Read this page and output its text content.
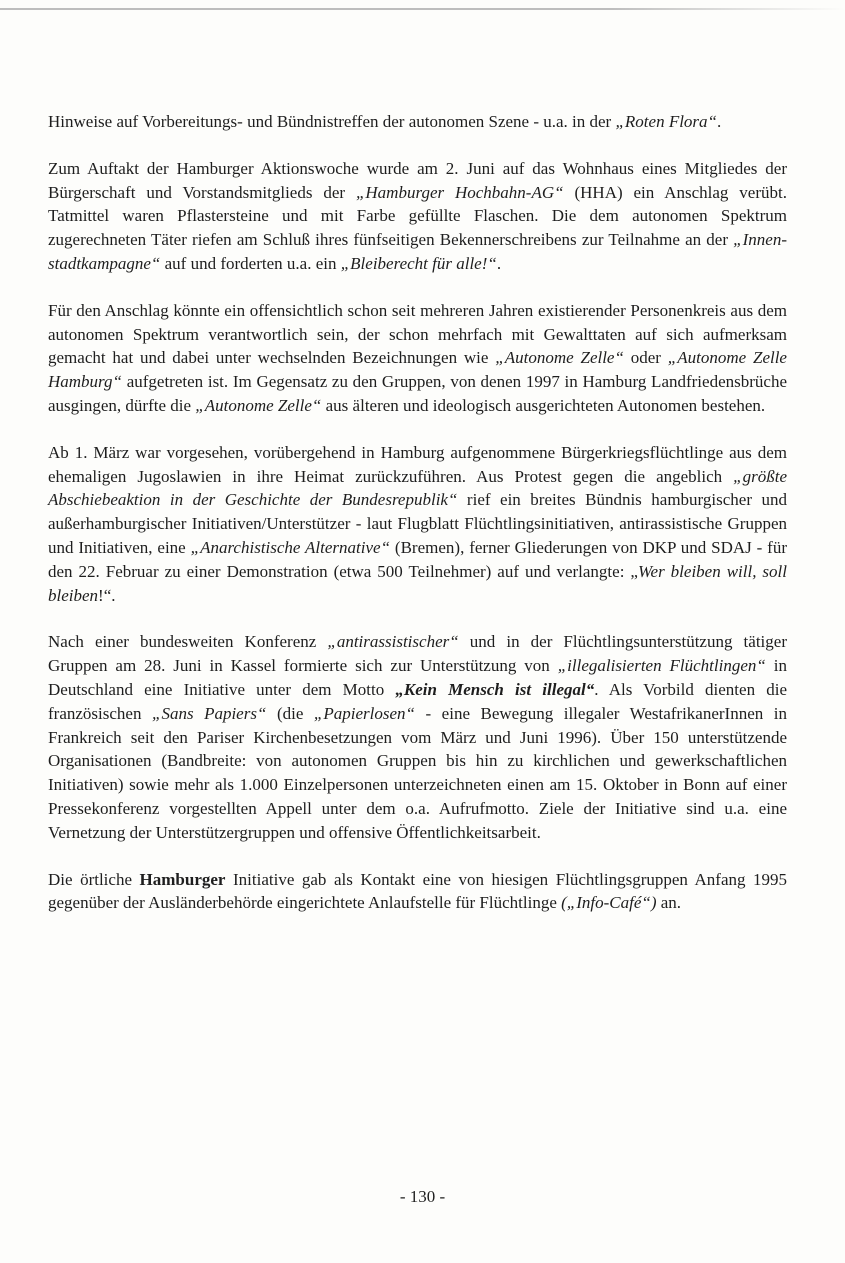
Hinweise auf Vorbereitungs- und Bündnistreffen der autonomen Szene - u.a. in der „Roten Flora“.

Zum Auftakt der Hamburger Aktionswoche wurde am 2. Juni auf das Wohnhaus eines Mitgliedes der Bürgerschaft und Vorstandsmitglieds der „Hamburger Hochbahn-AG“ (HHA) ein Anschlag verübt. Tatmittel waren Pflastersteine und mit Farbe gefüllte Flaschen. Die dem autonomen Spektrum zugerechneten Täter riefen am Schluß ihres fünfseitigen Bekennerschreibens zur Teilnahme an der „Innenstadtkampagne“ auf und forderten u.a. ein „Bleiberecht für alle!“.

Für den Anschlag könnte ein offensichtlich schon seit mehreren Jahren existierender Personenkreis aus dem autonomen Spektrum verantwortlich sein, der schon mehrfach mit Gewalttaten auf sich aufmerksam gemacht hat und dabei unter wechselnden Bezeichnungen wie „Autonome Zelle“ oder „Autonome Zelle Hamburg“ aufgetreten ist. Im Gegensatz zu den Gruppen, von denen 1997 in Hamburg Landfriedensbrüche ausgingen, dürfte die „Autonome Zelle“ aus älteren und ideologisch ausgerichteten Autonomen bestehen.

Ab 1. März war vorgesehen, vorübergehend in Hamburg aufgenommene Bürgerkriegsflüchtlinge aus dem ehemaligen Jugoslawien in ihre Heimat zurückzuführen. Aus Protest gegen die angeblich „größte Abschiebeaktion in der Geschichte der Bundesrepublik“ rief ein breites Bündnis hamburgischer und außerhamburgischer Initiativen/Unterstützer - laut Flugblatt Flüchtlingsinitiativen, antirassistische Gruppen und Initiativen, eine „Anarchistische Alternative“ (Bremen), ferner Gliederungen von DKP und SDAJ - für den 22. Februar zu einer Demonstration (etwa 500 Teilnehmer) auf und verlangte: „Wer bleiben will, soll bleiben!“.

Nach einer bundesweiten Konferenz „antirassistischer“ und in der Flüchtlingsunterstützung tätiger Gruppen am 28. Juni in Kassel formierte sich zur Unterstützung von „illegalisierten Flüchtlingen“ in Deutschland eine Initiative unter dem Motto „Kein Mensch ist illegal“. Als Vorbild dienten die französischen „Sans Papiers“ (die „Papierlosen“ - eine Bewegung illegaler WestafrikanerInnen in Frankreich seit den Pariser Kirchenbesetzungen vom März und Juni 1996). Über 150 unterstützende Organisationen (Bandbreite: von autonomen Gruppen bis hin zu kirchlichen und gewerkschaftlichen Initiativen) sowie mehr als 1.000 Einzelpersonen unterzeichneten einen am 15. Oktober in Bonn auf einer Pressekonferenz vorgestellten Appell unter dem o.a. Aufrufmotto. Ziele der Initiative sind u.a. eine Vernetzung der Unterstützergruppen und offensive Öffentlichkeitsarbeit.

Die örtliche Hamburger Initiative gab als Kontakt eine von hiesigen Flüchtlingsgruppen Anfang 1995 gegenüber der Ausländerbehörde eingerichtete Anlaufstelle für Flüchtlinge („Info-Café“) an.

- 130 -
